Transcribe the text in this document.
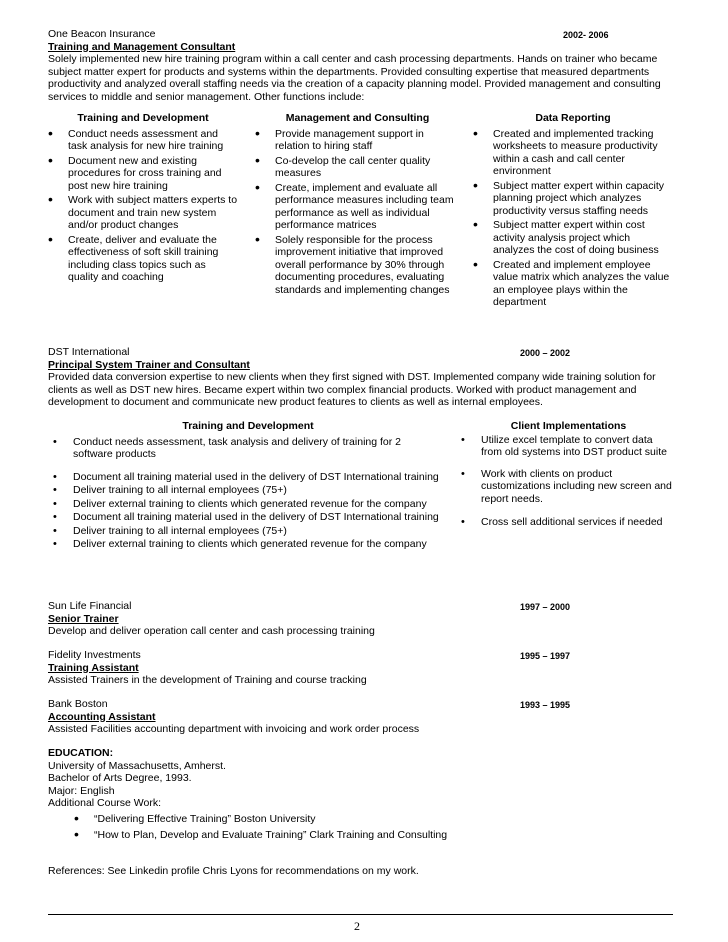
One Beacon Insurance
Training and Management Consultant
Solely implemented new hire training program within a call center and cash processing departments. Hands on trainer who became subject matter expert for products and systems within the departments. Provided consulting expertise that measured departments productivity and analyzed overall staffing needs via the creation of a capacity planning model. Provided management and consulting services to middle and senior management. Other functions include:
2002- 2006
Training and Development
• Conduct needs assessment and task analysis for new hire training
• Document new and existing procedures for cross training and post new hire training
• Work with subject matters experts to document and train new system and/or product changes
• Create, deliver and evaluate the effectiveness of soft skill training including class topics such as quality and coaching
Management and Consulting
• Provide management support in relation to hiring staff
• Co-develop the call center quality measures
• Create, implement and evaluate all performance measures including team performance as well as individual performance matrices
• Solely responsible for the process improvement initiative that improved overall performance by 30% through documenting procedures, evaluating standards and implementing changes
Data Reporting
• Created and implemented tracking worksheets to measure productivity within a cash and call center environment
• Subject matter expert within capacity planning project which analyzes productivity versus staffing needs
• Subject matter expert within cost activity analysis project which analyzes the cost of doing business
• Created and implement employee value matrix which analyzes the value an employee plays within the department
DST International
Principal System Trainer and Consultant
Provided data conversion expertise to new clients when they first signed with DST. Implemented company wide training solution for clients as well as DST new hires. Became expert within two complex financial products. Worked with product management and development to document and communicate new product features to clients as well as internal employees.
2000 – 2002
Training and Development
• Conduct needs assessment, task analysis and delivery of training for 2 software products
• Document all training material used in the delivery of DST International training
• Deliver training to all internal employees (75+)
• Deliver external training to clients which generated revenue for the company
• Document all training material used in the delivery of DST International training
• Deliver training to all internal employees (75+)
• Deliver external training to clients which generated revenue for the company
Client Implementations
• Utilize excel template to convert data from old systems into DST product suite
• Work with clients on product customizations including new screen and report needs.
• Cross sell additional services if needed
Sun Life Financial
Senior Trainer
Develop and deliver operation call center and cash processing training
1997 – 2000
Fidelity Investments
Training Assistant
Assisted Trainers in the development of Training and course tracking
1995 – 1997
Bank Boston
Accounting Assistant
Assisted Facilities accounting department with invoicing and work order process
1993 – 1995
EDUCATION:
University of Massachusetts, Amherst.
Bachelor of Arts Degree, 1993.
Major: English
Additional Course Work:
• “Delivering Effective Training” Boston University
• “How to Plan, Develop and Evaluate Training” Clark Training and Consulting
References: See Linkedin profile Chris Lyons for recommendations on my work.
2
